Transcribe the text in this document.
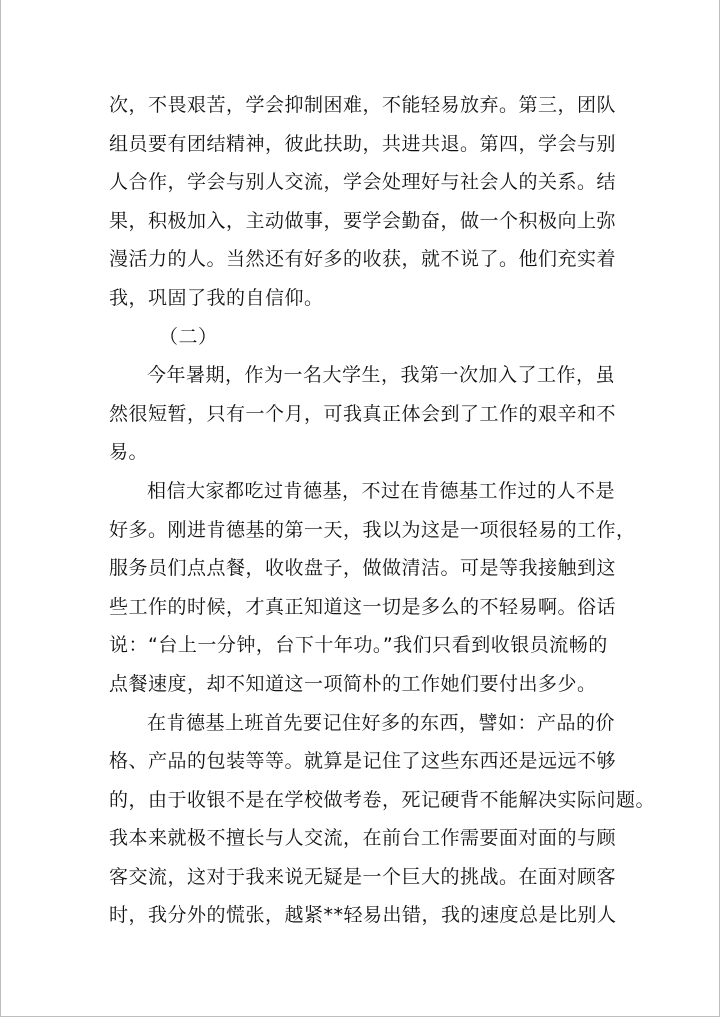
次，不畏艰苦，学会抑制困难，不能轻易放弃。第三，团队
组员要有团结精神，彼此扶助，共进共退。第四，学会与别
人合作，学会与别人交流，学会处理好与社会人的关系。结
果，积极加入，主动做事，要学会勤奋，做一个积极向上弥
漫活力的人。当然还有好多的收获，就不说了。他们充实着
我，巩固了我的自信仰。
（二）
今年暑期，作为一名大学生，我第一次加入了工作，虽
然很短暂，只有一个月，可我真正体会到了工作的艰辛和不
易。
相信大家都吃过肯德基，不过在肯德基工作过的人不是
好多。刚进肯德基的第一天，我以为这是一项很轻易的工作，
服务员们点点餐，收收盘子，做做清洁。可是等我接触到这
些工作的时候，才真正知道这一切是多么的不轻易啊。俗话
说：“台上一分钟，台下十年功。”我们只看到收银员流畅的
点餐速度，却不知道这一项简朴的工作她们要付出多少。
在肯德基上班首先要记住好多的东西，譬如：产品的价
格、产品的包装等等。就算是记住了这些东西还是远远不够
的，由于收银不是在学校做考卷，死记硬背不能解决实际问题。
我本来就极不擅长与人交流，在前台工作需要面对面的与顾
客交流，这对于我来说无疑是一个巨大的挑战。在面对顾客
时，我分外的慌张，越紧**轻易出错，我的速度总是比别人
